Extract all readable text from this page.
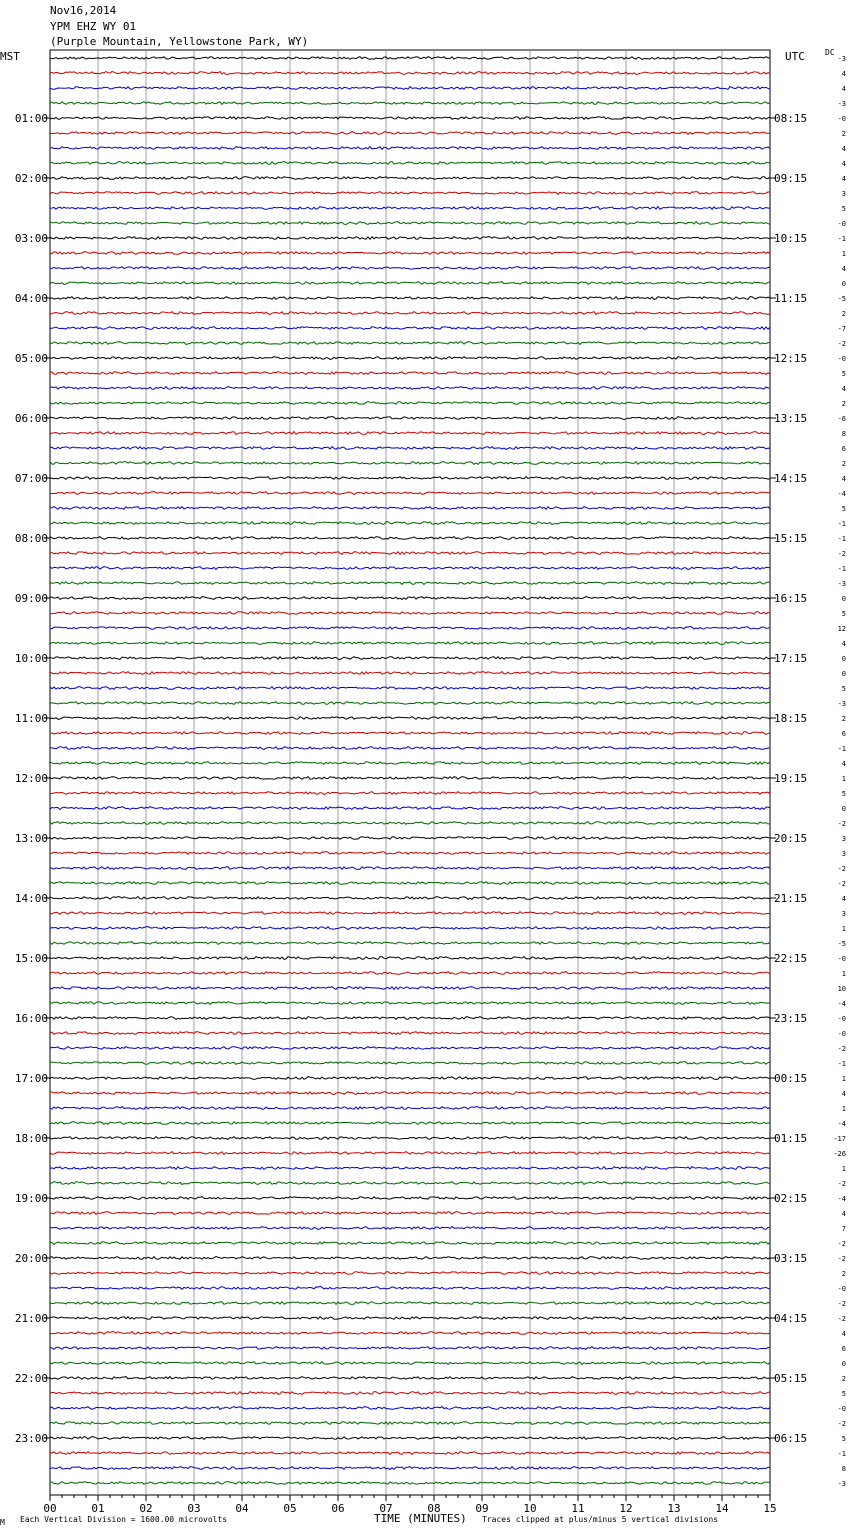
Nov16,2014
YPM EHZ WY 01
(Purple Mountain, Yellowstone Park, WY)
MST	UTC	DC
01:00
02:00
03:00
04:00
05:00
06:00
07:00
08:00
09:00
10:00
11:00
12:00
13:00
14:00
15:00
16:00
17:00
18:00
19:00
20:00
21:00
22:00
23:00
08:15
09:15
10:15
11:15
12:15
13:15
14:15
15:15
16:15
17:15
18:15
19:15
20:15
21:15
22:15
23:15
00:15
01:15
02:15
03:15
04:15
05:15
06:15
-3
4
4
-3
-0
2
4
4
4
3
5
-0
-1
1
4
0
-5
2
-7
-2
-0
5
4
2
-6
8
6
2
4
-4
5
-1
-1
-2
-1
-3
0
5
12
4
0
0
5
-3
2
6
-1
4
1
5
0
-2
3
3
-2
-2
4
3
1
-5
-0
1
10
-4
-0
-0
-2
-1
1
4
1
-4
-17
-26
1
-2
-4
4
7
-2
-2
2
-0
-2
-2
4
6
0
2
5
-0
-2
5
-1
8
-3
00	01	02	03	04	05	06	07	08	09	10	11	12	13	14	15
TIME (MINUTES)
M Each Vertical Division = 1600.00 microvolts	Traces clipped at plus/minus 5 vertical divisions
